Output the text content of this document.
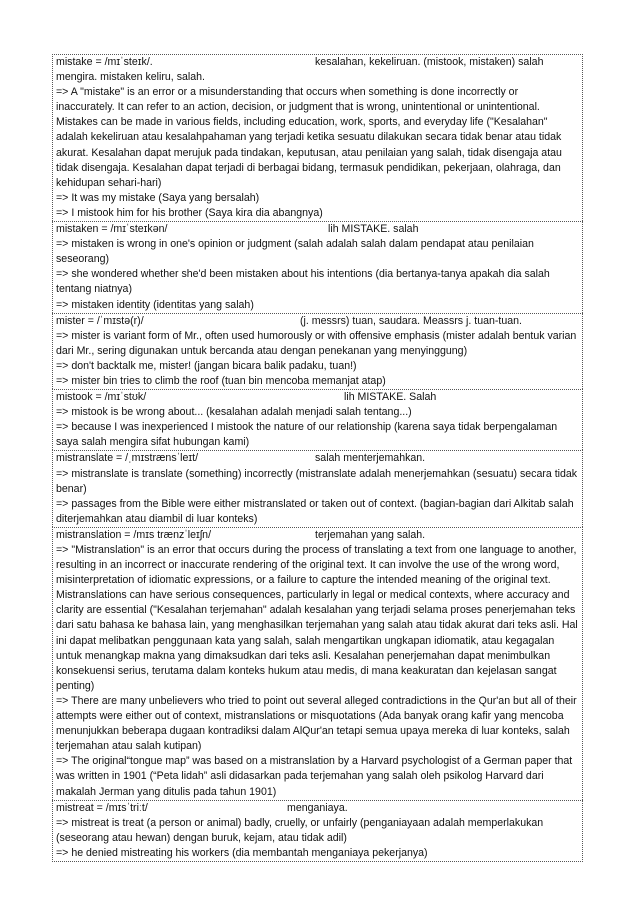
mistake = /mɪˈsteɪk/.	kesalahan, kekeliruan. (mistook, mistaken) salah
mengira. mistaken keliru, salah.
=> A "mistake" is an error or a misunderstanding that occurs when something is done incorrectly or inaccurately. It can refer to an action, decision, or judgment that is wrong, unintentional or unintentional. Mistakes can be made in various fields, including education, work, sports, and everyday life ("Kesalahan" adalah kekeliruan atau kesalahpahaman yang terjadi ketika sesuatu dilakukan secara tidak benar atau tidak akurat. Kesalahan dapat merujuk pada tindakan, keputusan, atau penilaian yang salah, tidak disengaja atau tidak disengaja. Kesalahan dapat terjadi di berbagai bidang, termasuk pendidikan, pekerjaan, olahraga, dan kehidupan sehari-hari)
=> It was my mistake (Saya yang bersalah)
=> I mistook him for his brother (Saya kira dia abangnya)
mistaken = /mɪˈsteɪkən/	lih MISTAKE. salah
=> mistaken is wrong in one's opinion or judgment (salah adalah salah dalam pendapat atau penilaian seseorang)
=> she wondered whether she'd been mistaken about his intentions (dia bertanya-tanya apakah dia salah tentang niatnya)
=> mistaken identity (identitas yang salah)
mister = /ˈmɪstə(r)/	(j. messrs) tuan, saudara. Meassrs j. tuan-tuan.
=> mister is variant form of Mr., often used humorously or with offensive emphasis (mister adalah bentuk varian dari Mr., sering digunakan untuk bercanda atau dengan penekanan yang menyinggung)
=> don't backtalk me, mister! (jangan bicara balik padaku, tuan!)
=> mister bin tries to climb the roof (tuan bin mencoba memanjat atap)
mistook = /mɪˈstʊk/	lih MISTAKE. Salah
=> mistook is be wrong about... (kesalahan adalah menjadi salah tentang...)
=> because I was inexperienced I mistook the nature of our relationship (karena saya tidak berpengalaman saya salah mengira sifat hubungan kami)
mistranslate = /ˌmɪstrænsˈleɪt/	salah menterjemahkan.
=> mistranslate is translate (something) incorrectly (mistranslate adalah menerjemahkan (sesuatu) secara tidak benar)
=> passages from the Bible were either mistranslated or taken out of context. (bagian-bagian dari Alkitab salah diterjemahkan atau diambil di luar konteks)
mistranslation = /mɪs trænzˈleɪʃn/	terjemahan yang salah.
=> "Mistranslation" is an error that occurs during the process of translating a text from one language to another, resulting in an incorrect or inaccurate rendering of the original text. It can involve the use of the wrong word, misinterpretation of idiomatic expressions, or a failure to capture the intended meaning of the original text. Mistranslations can have serious consequences, particularly in legal or medical contexts, where accuracy and clarity are essential ("Kesalahan terjemahan" adalah kesalahan yang terjadi selama proses penerjemahan teks dari satu bahasa ke bahasa lain, yang menghasilkan terjemahan yang salah atau tidak akurat dari teks asli. Hal ini dapat melibatkan penggunaan kata yang salah, salah mengartikan ungkapan idiomatik, atau kegagalan untuk menangkap makna yang dimaksudkan dari teks asli. Kesalahan penerjemahan dapat menimbulkan konsekuensi serius, terutama dalam konteks hukum atau medis, di mana keakuratan dan kejelasan sangat penting)
=> There are many unbelievers who tried to point out several alleged contradictions in the Qur'an but all of their attempts were either out of context, mistranslations or misquotations (Ada banyak orang kafir yang mencoba menunjukkan beberapa dugaan kontradiksi dalam AlQur'an tetapi semua upaya mereka di luar konteks, salah terjemahan atau salah kutipan)
=> The original“tongue map” was based on a mistranslation by a Harvard psychologist of a German paper that was written in 1901 (“Peta lidah” asli didasarkan pada terjemahan yang salah oleh psikolog Harvard dari makalah Jerman yang ditulis pada tahun 1901)
mistreat = /mɪsˈtriːt/	menganiaya.
=> mistreat is treat (a person or animal) badly, cruelly, or unfairly (penganiayaan adalah memperlakukan (seseorang atau hewan) dengan buruk, kejam, atau tidak adil)
=> he denied mistreating his workers (dia membantah menganiaya pekerjanya)
